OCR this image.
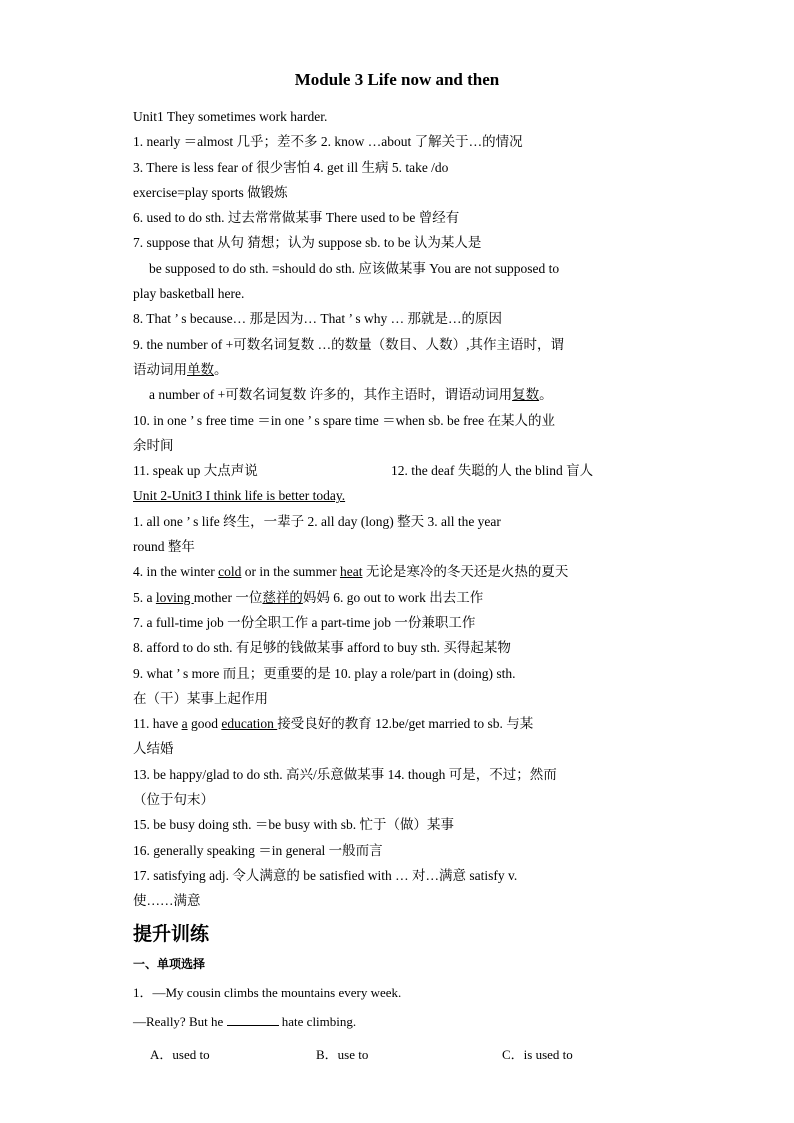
Module 3 Life now and then
Unit1 They sometimes work harder.
1. nearly ＝almost 几乎；差不多 2. know …about 了解关于…的情况
3. There is less fear of 很少害怕 4. get ill 生病 5. take /do
exercise=play sports 做锻炼
6. used to do sth. 过去常常做某事 There used to be 曾经有
7. suppose that 从句 猜想；认为 suppose sb. to be 认为某人是
be supposed to do sth. =should do sth. 应该做某事 You are not supposed to
play basketball here.
8. That ’ s because… 那是因为… That ’ s why … 那就是…的原因
9. the number of +可数名词复数 …的数量（数目、人数）,其作主语时，谓
语动词用单数。
a number of +可数名词复数 许多的，其作主语时，谓语动词用复数。
10. in one ’ s free time ＝in one ’ s spare time ＝when sb. be free 在某人的业
余时间
11. speak up 大点声说	12. the deaf 失聪的人 the blind 盲人
Unit 2-Unit3 I think life is better today.
1. all one ’ s life 终生，一辈子 2. all day (long) 整天 3. all the year
round 整年
4. in the winter cold or in the summer heat 无论是寒冷的冬天还是火热的夏天
5. a loving mother 一位慈祥的妈妈 6. go out to work 出去工作
7. a full-time job 一份全职工作 a part-time job 一份兼职工作
8. afford to do sth. 有足够的钱做某事 afford to buy sth. 买得起某物
9. what ’ s more 而且；更重要的是 10. play a role/part in (doing) sth.
在（干）某事上起作用
11. have a good education 接受良好的教育 12.be/get married to sb. 与某
人结婚
13. be happy/glad to do sth. 高兴/乐意做某事 14. though 可是，不过；然而
（位于句末）
15. be busy doing sth. ＝be busy with sb. 忙于（做）某事
16. generally speaking ＝in general 一般而言
17. satisfying adj. 令人满意的 be satisfied with … 对…满意 satisfy v.
使……满意
提升训练
一、单项选择
1．—My cousin climbs the mountains every week.
—Really? But he	hate climbing.
A．used to	B．use to	C．is used to
